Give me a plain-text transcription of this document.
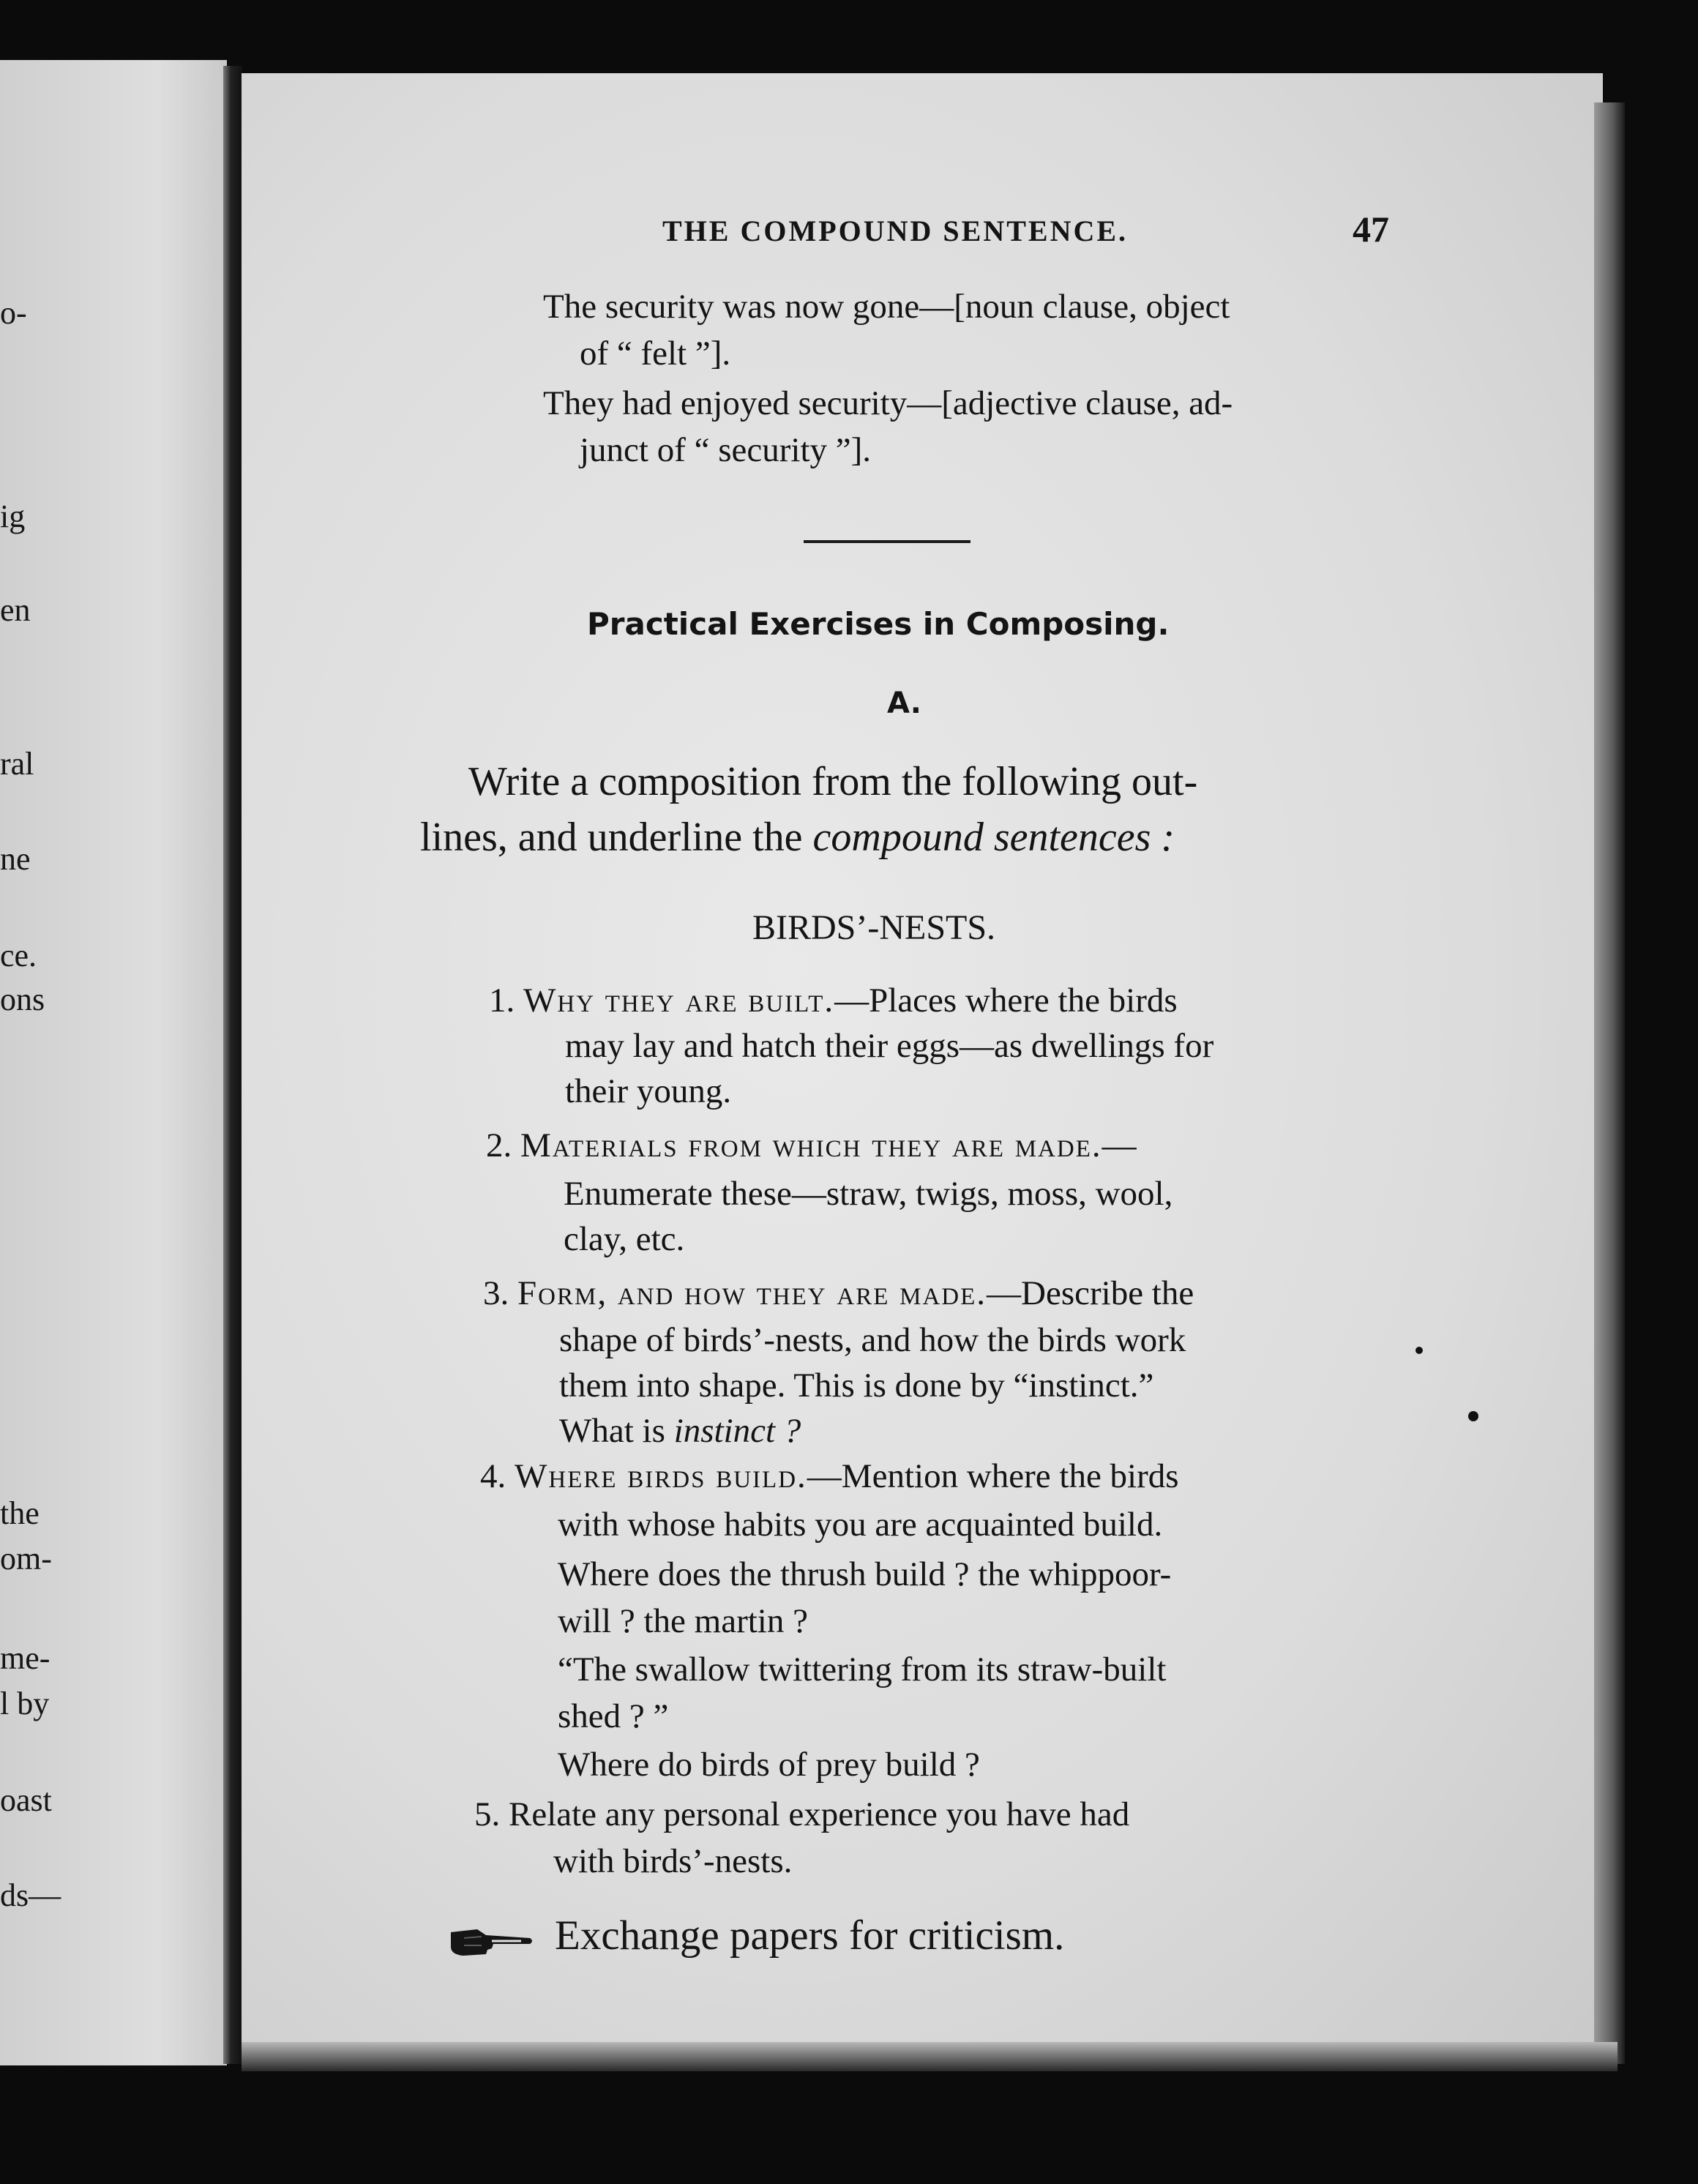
o-
ig
en
ral
ne
ce.
ons
the
om-
me-
l by
oast
ds—
THE COMPOUND SENTENCE.	47
The security was now gone—[noun clause, object
of “ felt ”].
They had enjoyed security—[adjective clause, ad-
junct of “ security ”].
Practical Exercises in Composing.
A.
Write a composition from the following out-
lines, and underline the compound sentences :
BIRDS’-NESTS.
1. Why they are built.—Places where the birds
may lay and hatch their eggs—as dwellings for
their young.
2. Materials from which they are made.—
Enumerate these—straw, twigs, moss, wool,
clay, etc.
3. Form, and how they are made.—Describe the
shape of birds’-nests, and how the birds work
them into shape. This is done by “instinct.”
What is instinct ?
4. Where birds build.—Mention where the birds
with whose habits you are acquainted build.
Where does the thrush build ? the whippoor-
will ? the martin ?
“The swallow twittering from its straw-built
shed ? ”
Where do birds of prey build ?
5. Relate any personal experience you have had
with birds’-nests.
Exchange papers for criticism.
